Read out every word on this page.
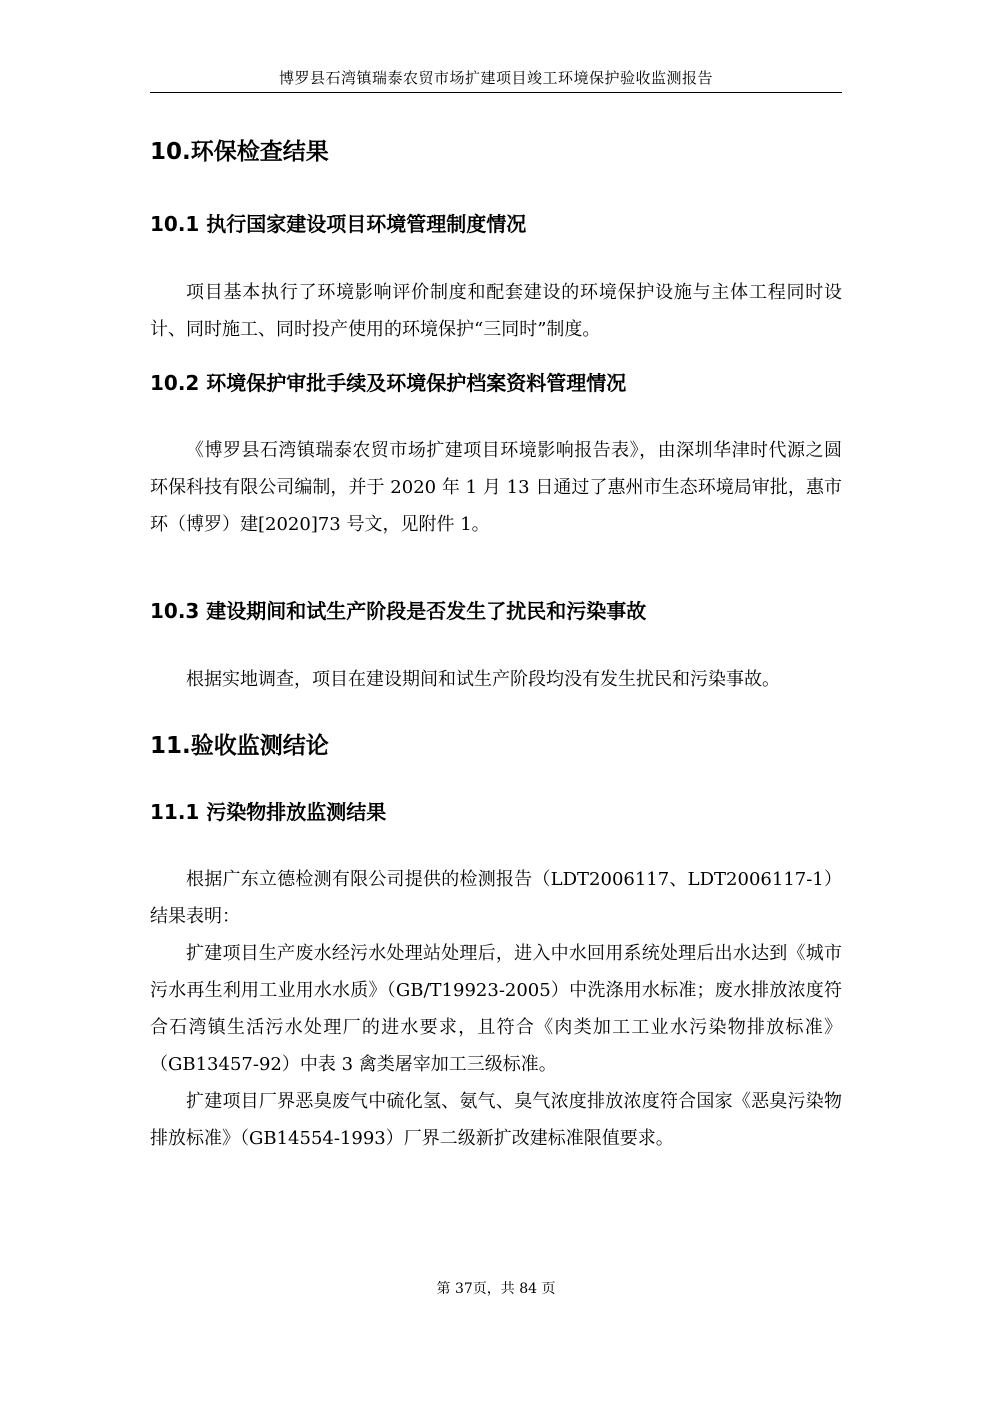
博罗县石湾镇瑞泰农贸市场扩建项目竣工环境保护验收监测报告
10.环保检查结果
10.1 执行国家建设项目环境管理制度情况

项目基本执行了环境影响评价制度和配套建设的环境保护设施与主体工程同时设计、同时施工、同时投产使用的环境保护“三同时”制度。

10.2 环境保护审批手续及环境保护档案资料管理情况

《博罗县石湾镇瑞泰农贸市场扩建项目环境影响报告表》，由深圳华津时代源之圆环保科技有限公司编制，并于 2020 年 1 月 13 日通过了惠州市生态环境局审批，惠市环（博罗）建[2020]73 号文，见附件 1。

10.3 建设期间和试生产阶段是否发生了扰民和污染事故

根据实地调查，项目在建设期间和试生产阶段均没有发生扰民和污染事故。

11.验收监测结论
11.1 污染物排放监测结果

根据广东立德检测有限公司提供的检测报告（LDT2006117、LDT2006117-1）结果表明：

扩建项目生产废水经污水处理站处理后，进入中水回用系统处理后出水达到《城市污水再生利用工业用水水质》（GB/T19923-2005）中洗涤用水标准；废水排放浓度符合石湾镇生活污水处理厂的进水要求，且符合《肉类加工工业水污染物排放标准》（GB13457-92）中表 3 禽类屠宰加工三级标准。

扩建项目厂界恶臭废气中硫化氢、氨气、臭气浓度排放浓度符合国家《恶臭污染物排放标准》（GB14554-1993）厂界二级新扩改建标准限值要求。

第 37页，共 84 页
